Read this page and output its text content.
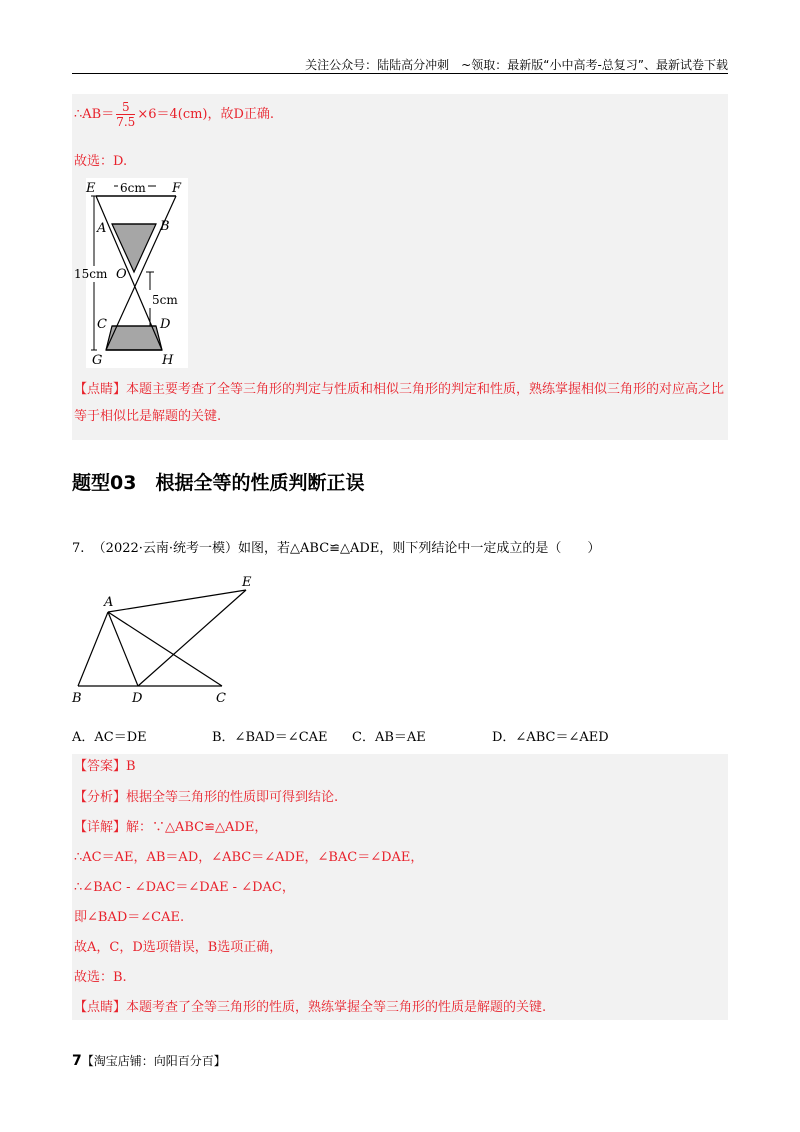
关注公众号：陆陆高分冲刺　~领取：最新版“小中高考-总复习”、最新试卷下载
∴AB＝ $\frac{5}{7.5} \times 6=4(cm)$，故D正确.
故选：D.
E	F
6cm
A	B
O
15cm
5cm
C	D
G	H
【点睛】本题主要考查了全等三角形的判定与性质和相似三角形的判定和性质，熟练掌握相似三角形的对应高之比等于相似比是解题的关键.
题型03　根据全等的性质判断正误
7. （2022·云南·统考一模）如图，若△ABC≌△ADE，则下列结论中一定成立的是（　　）
A
E
B	D	C
A．AC＝DE	B．∠BAD＝∠CAE C．AB＝AE	D．∠ABC＝∠AED
【答案】B
【分析】根据全等三角形的性质即可得到结论.
【详解】解：∵△ABC≌△ADE，
∴AC＝AE，AB＝AD，∠ABC＝∠ADE，∠BAC＝∠DAE，
∴∠BAC - ∠DAC＝∠DAE - ∠DAC，
即∠BAD＝∠CAE.
故A，C，D选项错误，B选项正确，
故选：B.
【点睛】本题考查了全等三角形的性质，熟练掌握全等三角形的性质是解题的关键.
7【淘宝店铺：向阳百分百】
